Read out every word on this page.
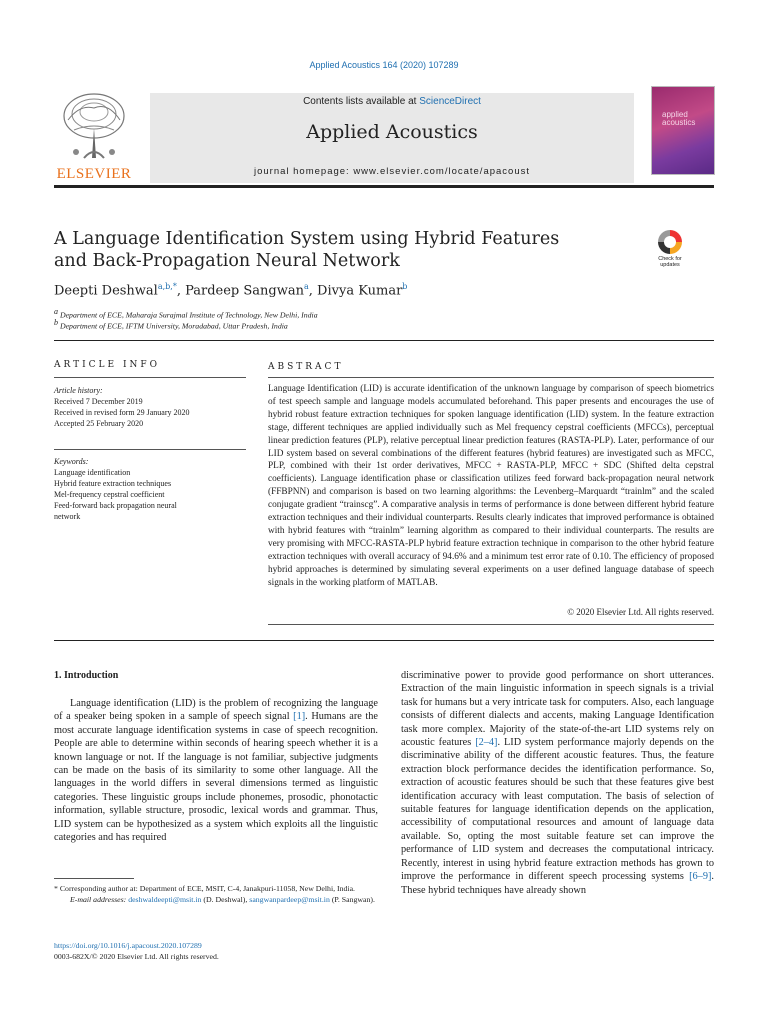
Applied Acoustics 164 (2020) 107289
ELSEVIER
Contents lists available at ScienceDirect
Applied Acoustics
journal homepage: www.elsevier.com/locate/apacoust
applied acoustics
A Language Identification System using Hybrid Features
and Back-Propagation Neural Network	Check for updates
Deepti Deshwal$^{a,b,*}$, Pardeep Sangwan$^a$, Divya Kumar$^b$
$^a$ Department of ECE, Maharaja Surajmal Institute of Technology, New Delhi, India
$^b$ Department of ECE, IFTM University, Moradabad, Uttar Pradesh, India
ARTICLE INFO	ABSTRACT
Article history:
Received 7 December 2019
Received in revised form 29 January 2020
Accepted 25 February 2020
Keywords:
Language identification
Hybrid feature extraction techniques
Mel-frequency cepstral coefficient
Feed-forward back propagation neural
network
Language Identification (LID) is accurate identification of the unknown language by comparison of speech biometrics of test speech sample and language models accumulated beforehand. This paper presents and encourages the use of hybrid robust feature extraction techniques for spoken language identification (LID) system. In the feature extraction stage, different techniques are applied individually such as Mel frequency cepstral coefficients (MFCCs), perceptual linear prediction features (PLP), relative perceptual linear prediction features (RASTA-PLP). Later, performance of our LID system based on several combinations of the different features (hybrid features) are investigated such as MFCC, PLP, combined with their 1st order derivatives, MFCC + RASTA-PLP, MFCC + SDC (Shifted delta cepstral coefficients). Language identification phase or classification utilizes feed forward back-propagation neural network (FFBPNN) and comparison is based on two learning algorithms: the Levenberg–Marquardt “trainlm” and the scaled conjugate gradient “trainscg”. A comparative analysis in terms of performance is done between different hybrid feature extraction techniques and their individual counterparts. Results clearly indicates that improved performance is obtained with hybrid features with “trainlm” learning algorithm as compared to their individual counterparts. The results are very promising with MFCC-RASTA-PLP hybrid feature extraction technique in comparison to the other hybrid feature extraction techniques with overall accuracy of 94.6% and a minimum test error rate of 0.10. The efficiency of proposed hybrid approaches is determined by simulating several experiments on a user defined language database of speech signals in the working platform of MATLAB.
© 2020 Elsevier Ltd. All rights reserved.
1. Introduction
Language identification (LID) is the problem of recognizing the language of a speaker being spoken in a sample of speech signal [1]. Humans are the most accurate language identification systems in case of speech recognition. People are able to determine within seconds of hearing speech whether it is a known language or not. If the language is not familiar, subjective judgments can be made on the basis of its similarity to some other language. All the languages in the world differs in several dimensions termed as linguistic categories. These linguistic groups include phonemes, prosodic, phonotactic information, syllable structure, prosodic, lexical words and grammar. Thus, LID system can be hypothesized as a system which exploits all the linguistic categories and has required
discriminative power to provide good performance on short utterances. Extraction of the main linguistic information in speech signals is a trivial task for humans but a very intricate task for computers. Also, each language consists of different dialects and accents, making Language Identification task more complex. Majority of the state-of-the-art LID systems rely on acoustic features [2–4]. LID system performance majorly depends on the discriminative ability of the different acoustic features. Thus, the feature extraction block performance decides the identification performance. So, extraction of acoustic features should be such that these features give best identification accuracy with least computation. The basis of selection of suitable features for language identification depends on the application, accessibility of computational resources and amount of language data available. So, opting the most suitable feature set can improve the performance of LID system and decreases the computational intricacy. Recently, interest in using hybrid feature extraction methods has grown to improve the performance in different speech processing systems [6–9]. These hybrid techniques have already shown
* Corresponding author at: Department of ECE, MSIT, C-4, Janakpuri-11058, New Delhi, India.
E-mail addresses: deshwaldeepti@msit.in (D. Deshwal), sangwanpardeep@msit.in (P. Sangwan).
https://doi.org/10.1016/j.apacoust.2020.107289
0003-682X/© 2020 Elsevier Ltd. All rights reserved.
